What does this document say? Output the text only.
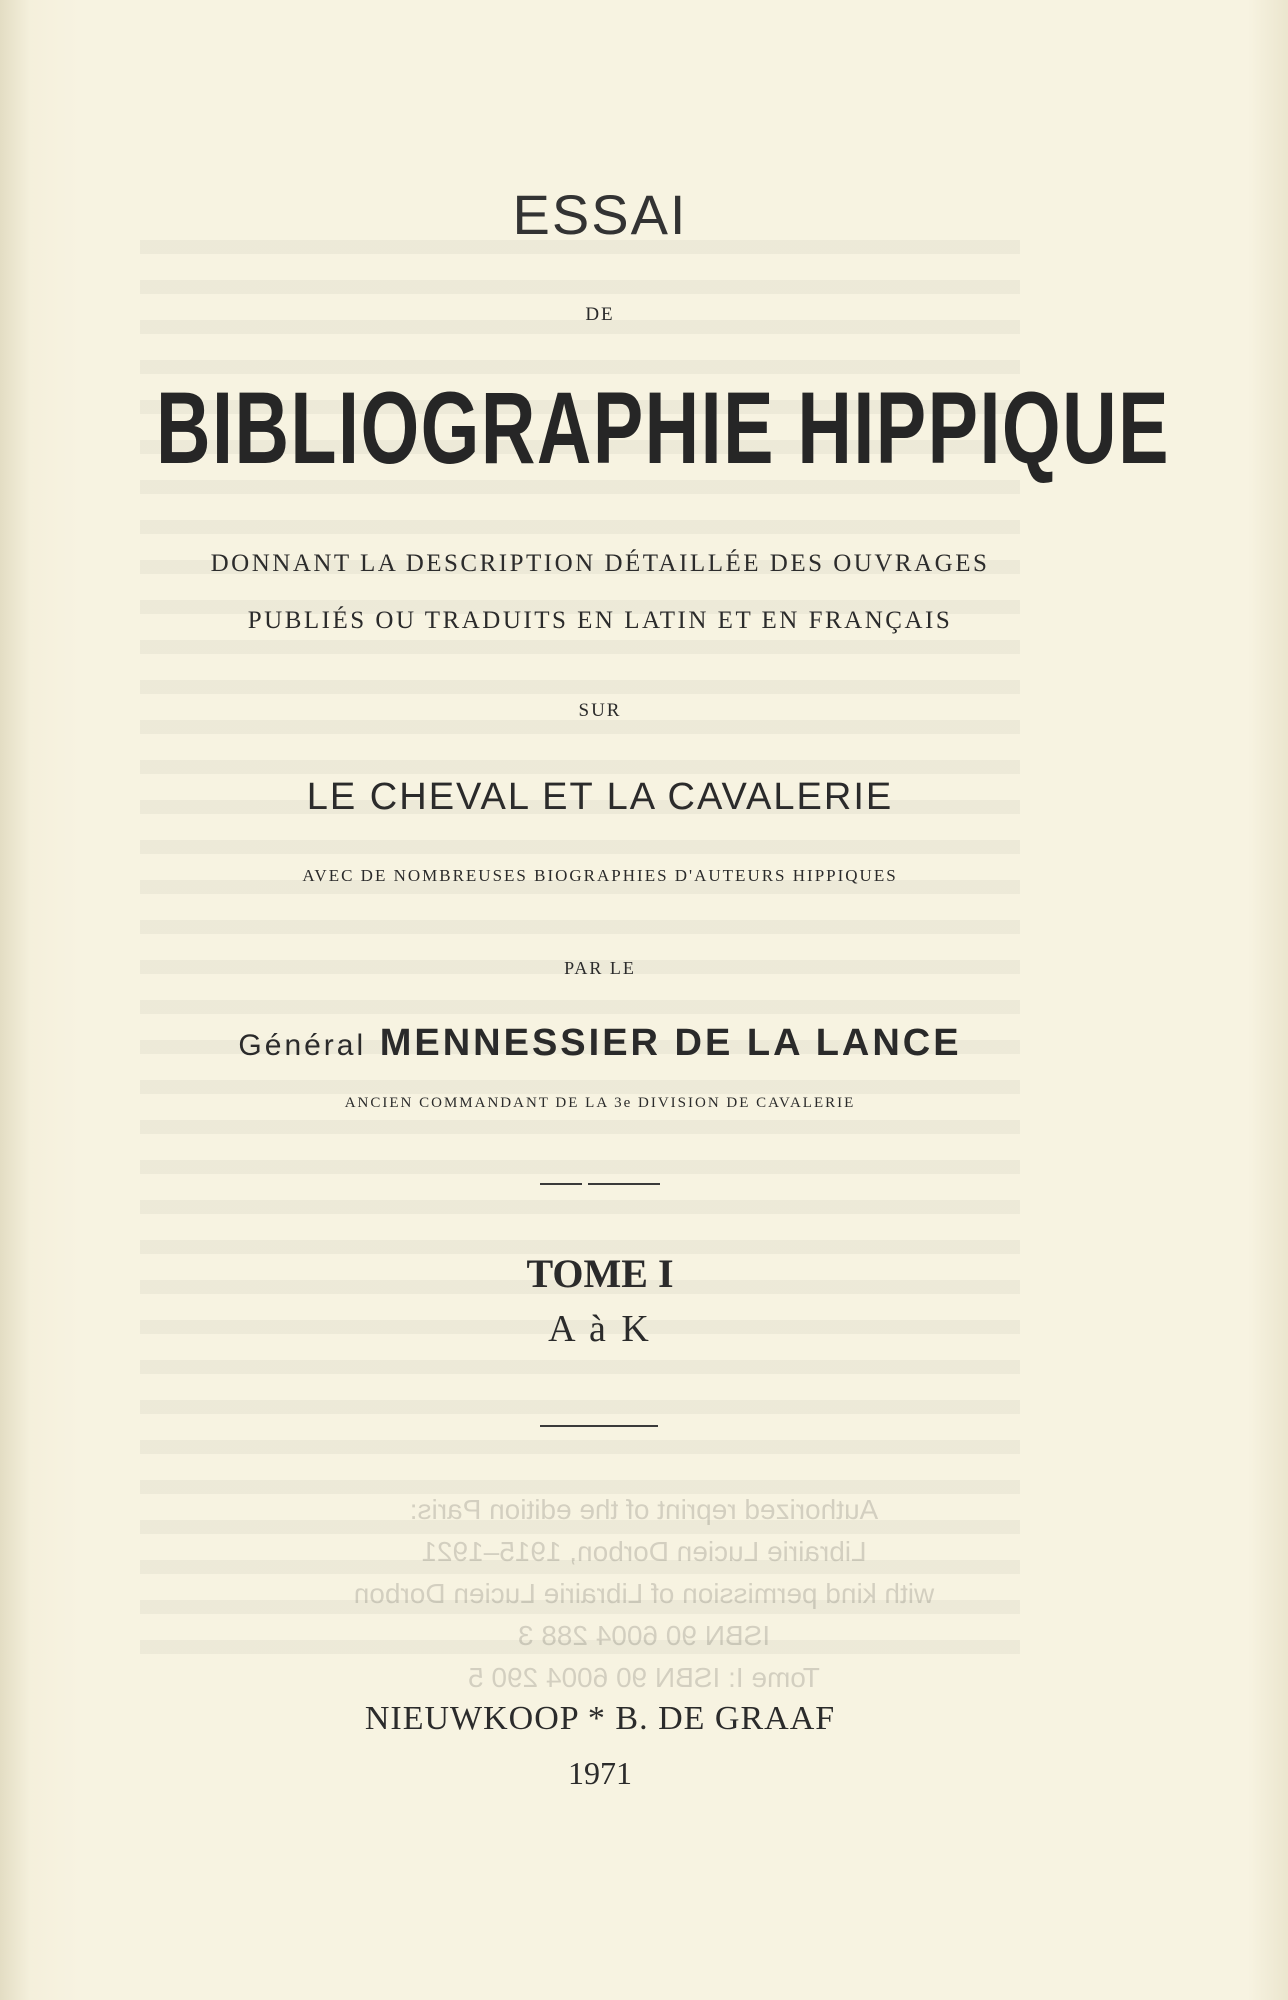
Authorized reprint of the edition Paris:
Librairie Lucien Dorbon, 1915–1921
with kind permission of Librairie Lucien Dorbon
ISBN 90 6004 288 3
Tome I: ISBN 90 6004 290 5
ESSAI
DE
BIBLIOGRAPHIE HIPPIQUE
DONNANT LA DESCRIPTION DÉTAILLÉE DES OUVRAGES
PUBLIÉS OU TRADUITS EN LATIN ET EN FRANÇAIS
SUR
LE CHEVAL ET LA CAVALERIE
AVEC DE NOMBREUSES BIOGRAPHIES D'AUTEURS HIPPIQUES
PAR LE
Général MENNESSIER DE LA LANCE
ANCIEN COMMANDANT DE LA 3e DIVISION DE CAVALERIE
TOME I
A à K
NIEUWKOOP * B. DE GRAAF
1971
